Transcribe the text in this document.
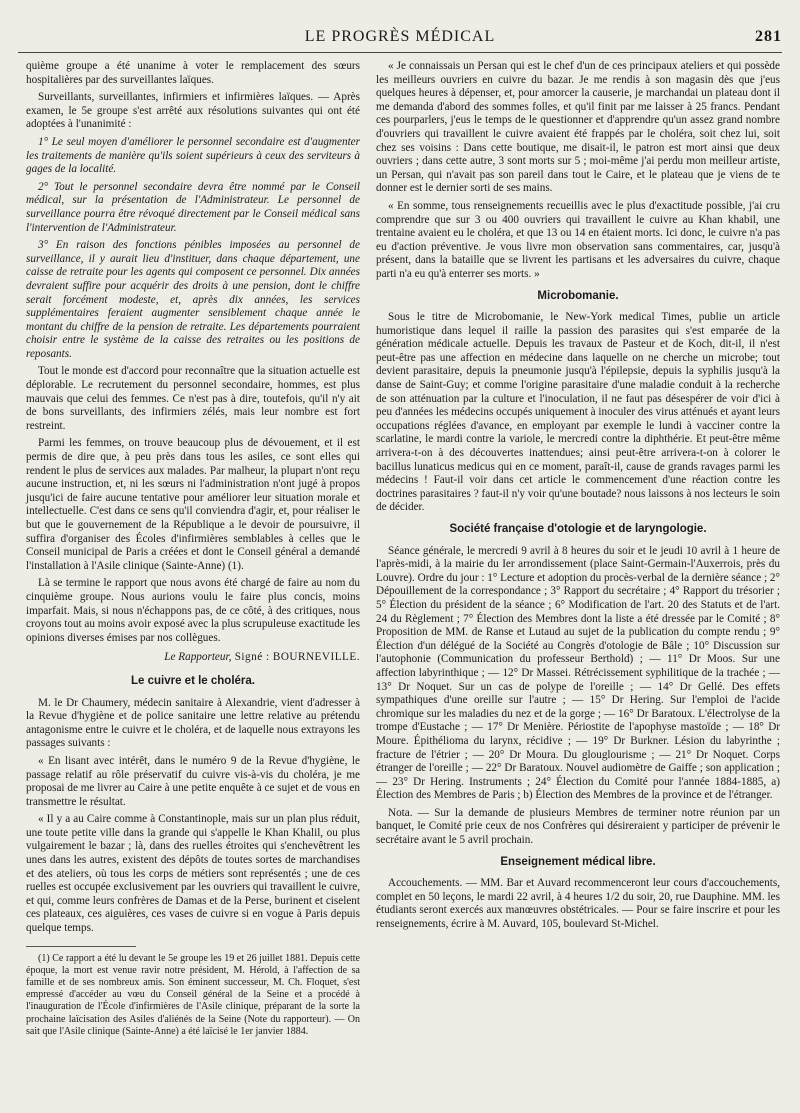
LE PROGRÈS MÉDICAL	281

quième groupe a été unanime à voter le remplacement des sœurs hospitalières par des surveillantes laïques.

Surveillants, surveillantes, infirmiers et infirmières laïques. — Après examen, le 5e groupe s'est arrêté aux résolutions suivantes qui ont été adoptées à l'unanimité :

1° Le seul moyen d'améliorer le personnel secondaire est d'augmenter les traitements de manière qu'ils soient supérieurs à ceux des serviteurs à gages de la localité.

2° Tout le personnel secondaire devra être nommé par le Conseil médical, sur la présentation de l'Administrateur. Le personnel de surveillance pourra être révoqué directement par le Conseil médical sans l'intervention de l'Administrateur.

3° En raison des fonctions pénibles imposées au personnel de surveillance, il y aurait lieu d'instituer, dans chaque département, une caisse de retraite pour les agents qui composent ce personnel. Dix années devraient suffire pour acquérir des droits à une pension, dont le chiffre serait forcément modeste, et, après dix années, les services supplémentaires feraient augmenter sensiblement chaque année le montant du chiffre de la pension de retraite. Les départements pourraient choisir entre le système de la caisse des retraites ou les positions de reposants.

Tout le monde est d'accord pour reconnaître que la situation actuelle est déplorable. Le recrutement du personnel secondaire, hommes, est plus mauvais que celui des femmes. Ce n'est pas à dire, toutefois, qu'il n'y ait de bons surveillants, des infirmiers zélés, mais leur nombre est fort restreint.

Parmi les femmes, on trouve beaucoup plus de dévouement, et il est permis de dire que, à peu près dans tous les asiles, ce sont elles qui rendent le plus de services aux malades. Par malheur, la plupart n'ont reçu aucune instruction, et, ni les sœurs ni l'administration n'ont jugé à propos jusqu'ici de faire aucune tentative pour améliorer leur situation morale et intellectuelle. C'est dans ce sens qu'il conviendra d'agir, et, pour réaliser le but que le gouvernement de la République a le devoir de poursuivre, il suffira d'organiser des Écoles d'infirmières semblables à celles que le Conseil municipal de Paris a créées et dont le Conseil général a demandé l'installation à l'Asile clinique (Sainte-Anne) (1).

Là se termine le rapport que nous avons été chargé de faire au nom du cinquième groupe. Nous aurions voulu le faire plus concis, moins imparfait. Mais, si nous n'échappons pas, de ce côté, à des critiques, nous croyons tout au moins avoir exposé avec la plus scrupuleuse exactitude les opinions diverses émises par nos collègues.

Le Rapporteur, Signé : BOURNEVILLE.
Le cuivre et le choléra.

M. le Dr Chaumery, médecin sanitaire à Alexandrie, vient d'adresser à la Revue d'hygiène et de police sanitaire une lettre relative au prétendu antagonisme entre le cuivre et le choléra, et de laquelle nous extrayons les passages suivants :

« En lisant avec intérêt, dans le numéro 9 de la Revue d'hygiène, le passage relatif au rôle préservatif du cuivre vis-à-vis du choléra, je me proposai de me livrer au Caire à une petite enquête à ce sujet et de vous en transmettre le résultat.

« Il y a au Caire comme à Constantinople, mais sur un plan plus réduit, une toute petite ville dans la grande qui s'appelle le Khan Khalil, ou plus vulgairement le bazar ; là, dans des ruelles étroites qui s'enchevêtrent les unes dans les autres, existent des dépôts de toutes sortes de marchandises et des ateliers, où tous les corps de métiers sont représentés ; une de ces ruelles est occupée exclusivement par les ouvriers qui travaillent le cuivre, et qui, comme leurs confrères de Damas et de la Perse, burinent et ciselent ces plateaux, ces aiguières, ces vases de cuivre si en vogue à Paris depuis quelque temps.

(1) Ce rapport a été lu devant le 5e groupe les 19 et 26 juillet 1881. Depuis cette époque, la mort est venue ravir notre président, M. Hérold, à l'affection de sa famille et de ses nombreux amis. Son éminent successeur, M. Ch. Floquet, s'est empressé d'accéder au vœu du Conseil général de la Seine et a procédé à l'inauguration de l'École d'infirmières de l'Asile clinique, préparant de la sorte la prochaine laïcisation des Asiles d'aliénés de la Seine (Note du rapporteur). — On sait que l'Asile clinique (Sainte-Anne) a été laïcisé le 1er janvier 1884.

« Je connaissais un Persan qui est le chef d'un de ces principaux ateliers et qui possède les meilleurs ouvriers en cuivre du bazar. Je me rendis à son magasin dès que j'eus quelques heures à dépenser, et, pour amorcer la causerie, je marchandai un plateau dont il me demanda d'abord des sommes folles, et qu'il finit par me laisser à 25 francs. Pendant ces pourparlers, j'eus le temps de le questionner et d'apprendre qu'un assez grand nombre d'ouvriers qui travaillent le cuivre avaient été frappés par le choléra, soit chez lui, soit chez ses voisins : Dans cette boutique, me disait-il, le patron est mort ainsi que deux ouvriers ; dans cette autre, 3 sont morts sur 5 ; moi-même j'ai perdu mon meilleur artiste, un Persan, qui n'avait pas son pareil dans tout le Caire, et le plateau que je viens de te donner est le dernier sorti de ses mains.

« En somme, tous renseignements recueillis avec le plus d'exactitude possible, j'ai cru comprendre que sur 3 ou 400 ouvriers qui travaillent le cuivre au Khan khabil, une trentaine avaient eu le choléra, et que 13 ou 14 en étaient morts. Ici donc, le cuivre n'a pas eu d'action préventive. Je vous livre mon observation sans commentaires, car, jusqu'à présent, dans la bataille que se livrent les partisans et les adversaires du cuivre, chaque parti n'a eu qu'à enterrer ses morts. »

Microbomanie.

Sous le titre de Microbomanie, le New-York medical Times, publie un article humoristique dans lequel il raille la passion des parasites qui s'est emparée de la génération médicale actuelle. Depuis les travaux de Pasteur et de Koch, dit-il, il n'est peut-être pas une affection en médecine dans laquelle on ne cherche un microbe; tout devient parasitaire, depuis la pneumonie jusqu'à l'épilepsie, depuis la syphilis jusqu'à la danse de Saint-Guy; et comme l'origine parasitaire d'une maladie conduit à la recherche de son atténuation par la culture et l'inoculation, il ne faut pas désespérer de voir d'ici à peu d'années les médecins occupés uniquement à inoculer des virus atténués et ayant leurs occupations réglées d'avance, en employant par exemple le lundi à vacciner contre la scarlatine, le mardi contre la variole, le mercredi contre la diphthérie. Et peut-être même arrivera-t-on à des découvertes inattendues; ainsi peut-être arrivera-t-on à colorer le bacillus lunaticus medicus qui en ce moment, paraît-il, cause de grands ravages parmi les médecins ! Faut-il voir dans cet article le commencement d'une réaction contre les doctrines parasitaires ? faut-il n'y voir qu'une boutade? nous laissons à nos lecteurs le soin de décider.

Société française d'otologie et de laryngologie.

Séance générale, le mercredi 9 avril à 8 heures du soir et le jeudi 10 avril à 1 heure de l'après-midi, à la mairie du Ier arrondissement (place Saint-Germain-l'Auxerrois, près du Louvre). Ordre du jour : 1° Lecture et adoption du procès-verbal de la dernière séance ; 2° Dépouillement de la correspondance ; 3° Rapport du secrétaire ; 4° Rapport du trésorier ; 5° Élection du président de la séance ; 6° Modification de l'art. 20 des Statuts et de l'art. 24 du Règlement ; 7° Élection des Membres dont la liste a été dressée par le Comité ; 8° Proposition de MM. de Ranse et Lutaud au sujet de la publication du compte rendu ; 9° Élection d'un délégué de la Société au Congrès d'otologie de Bâle ; 10° Discussion sur l'autophonie (Communication du professeur Berthold) ; — 11° Dr Moos. Sur une affection labyrinthique ; — 12° Dr Massei. Rétrécissement syphilitique de la trachée ; — 13° Dr Noquet. Sur un cas de polype de l'oreille ; — 14° Dr Gellé. Des effets sympathiques d'une oreille sur l'autre ; — 15° Dr Hering. Sur l'emploi de l'acide chromique sur les maladies du nez et de la gorge ; — 16° Dr Baratoux. L'électrolyse de la trompe d'Eustache ; — 17° Dr Menière. Périostite de l'apophyse mastoïde ; — 18° Dr Moure. Épithélioma du larynx, récidive ; — 19° Dr Burkner. Lésion du labyrinthe ; fracture de l'étrier ; — 20° Dr Moura. Du glouglourisme ; — 21° Dr Noquet. Corps étranger de l'oreille ; — 22° Dr Baratoux. Nouvel audiomètre de Gaiffe ; son application ; — 23° Dr Hering. Instruments ; 24° Élection du Comité pour l'année 1884-1885, a) Élection des Membres de Paris ; b) Élection des Membres de la province et de l'étranger.

Nota. — Sur la demande de plusieurs Membres de terminer notre réunion par un banquet, le Comité prie ceux de nos Confrères qui désireraient y participer de prévenir le secrétaire avant le 5 avril prochain.

Enseignement médical libre.

Accouchements. — MM. Bar et Auvard recommenceront leur cours d'accouchements, complet en 50 leçons, le mardi 22 avril, à 4 heures 1/2 du soir, 20, rue Dauphine. MM. les étudiants seront exercés aux manœuvres obstétricales. — Pour se faire inscrire et pour les renseignements, écrire à M. Auvard, 105, boulevard St-Michel.
